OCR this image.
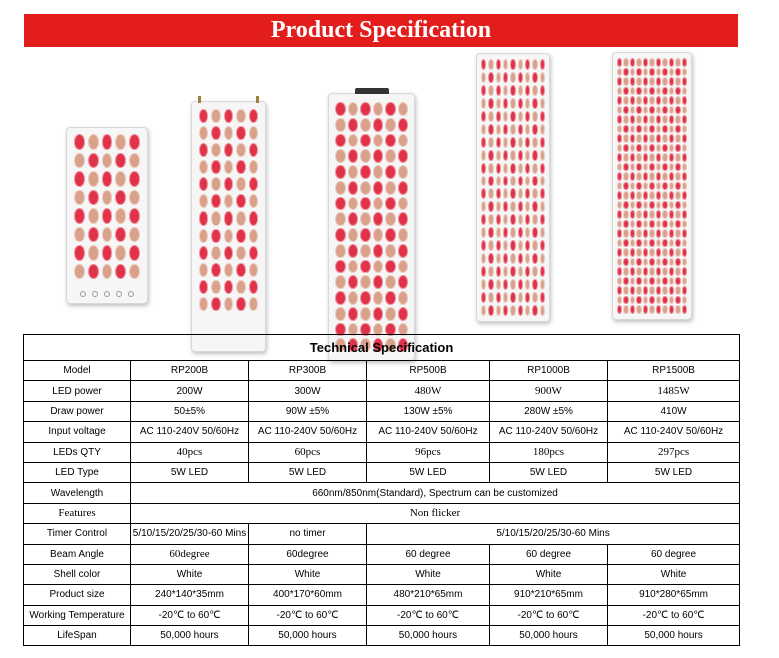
Product Specification
Technical Specification					
Model	RP200B	RP300B	RP500B	RP1000B	RP1500B
LED power	200W	300W	480W	900W	1485W
Draw power	50±5%	90W ±5%	130W ±5%	280W ±5%	410W
Input voltage	AC 110-240V 50/60Hz	AC 110-240V 50/60Hz	AC 110-240V 50/60Hz	AC 110-240V 50/60Hz	AC 110-240V 50/60Hz
LEDs QTY	40pcs	60pcs	96pcs	180pcs	297pcs
LED Type	5W LED	5W LED	5W LED	5W LED	5W LED
Wavelength	660nm/850nm(Standard), Spectrum can be customized				
Features	Non flicker				
Timer Control	5/10/15/20/25/30-60 Mins	no timer	5/10/15/20/25/30-60 Mins		
Beam Angle	60degree	60degree	60 degree	60 degree	60 degree
Shell color	White	White	White	White	White
Product size	240*140*35mm	400*170*60mm	480*210*65mm	910*210*65mm	910*280*65mm
Working Temperature	-20℃ to 60℃	-20℃ to 60℃	-20℃ to 60℃	-20℃ to 60℃	-20℃ to 60℃
LifeSpan	50,000 hours	50,000 hours	50,000 hours	50,000 hours	50,000 hours
